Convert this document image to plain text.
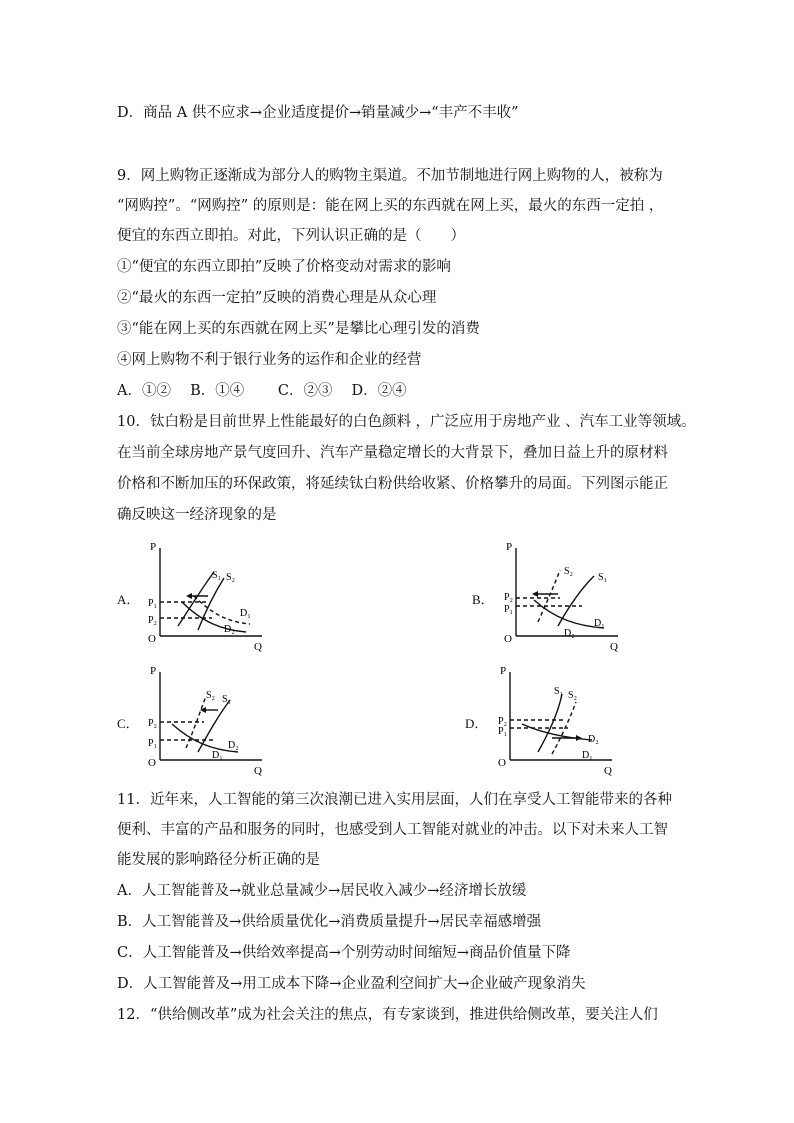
D．商品 A 供不应求→企业适度提价→销量减少→“丰产不丰收”
9．网上购物正逐渐成为部分人的购物主渠道。不加节制地进行网上购物的人，被称为
“网购控”。“网购控” 的原则是：能在网上买的东西就在网上买，最火的东西一定拍 ，
便宜的东西立即拍。对此，下列认识正确的是（　　）
①“便宜的东西立即拍”反映了价格变动对需求的影响
②“最火的东西一定拍”反映的消费心理是从众心理
③“能在网上买的东西就在网上买”是攀比心理引发的消费
④网上购物不利于银行业务的运作和企业的经营
A．①②　 B．①④　　 C．②③　 D．②④
10．钛白粉是目前世界上性能最好的白色颜料 ，广泛应用于房地产业 、汽车工业等领域。
在当前全球房地产景气度回升、汽车产量稳定增长的大背景下，叠加日益上升的原材料
价格和不断加压的环保政策，将延续钛白粉供给收紧、价格攀升的局面。下列图示能正
确反映这一经济现象的是
A．
P
Q
O
P₁
P₂
S₁ S₂
D₁
D₂
B．
P
Q
O
P₂
P₁
S₂
S₁
D₁
D₂
C．
P
Q
O
P₂
P₁
S₂ S₁
D₁
D₂
D．
P
Q
O
P₂
P₁
S₁ S₂
D₁
D₂
11．近年来，人工智能的第三次浪潮已进入实用层面，人们在享受人工智能带来的各种
便利、丰富的产品和服务的同时，也感受到人工智能对就业的冲击。以下对未来人工智
能发展的影响路径分析正确的是
A．人工智能普及→就业总量减少→居民收入减少→经济增长放缓
B．人工智能普及→供给质量优化→消费质量提升→居民幸福感增强
C．人工智能普及→供给效率提高→个别劳动时间缩短→商品价值量下降
D．人工智能普及→用工成本下降→企业盈利空间扩大→企业破产现象消失
12．“供给侧改革”成为社会关注的焦点，有专家谈到，推进供给侧改革，要关注人们
